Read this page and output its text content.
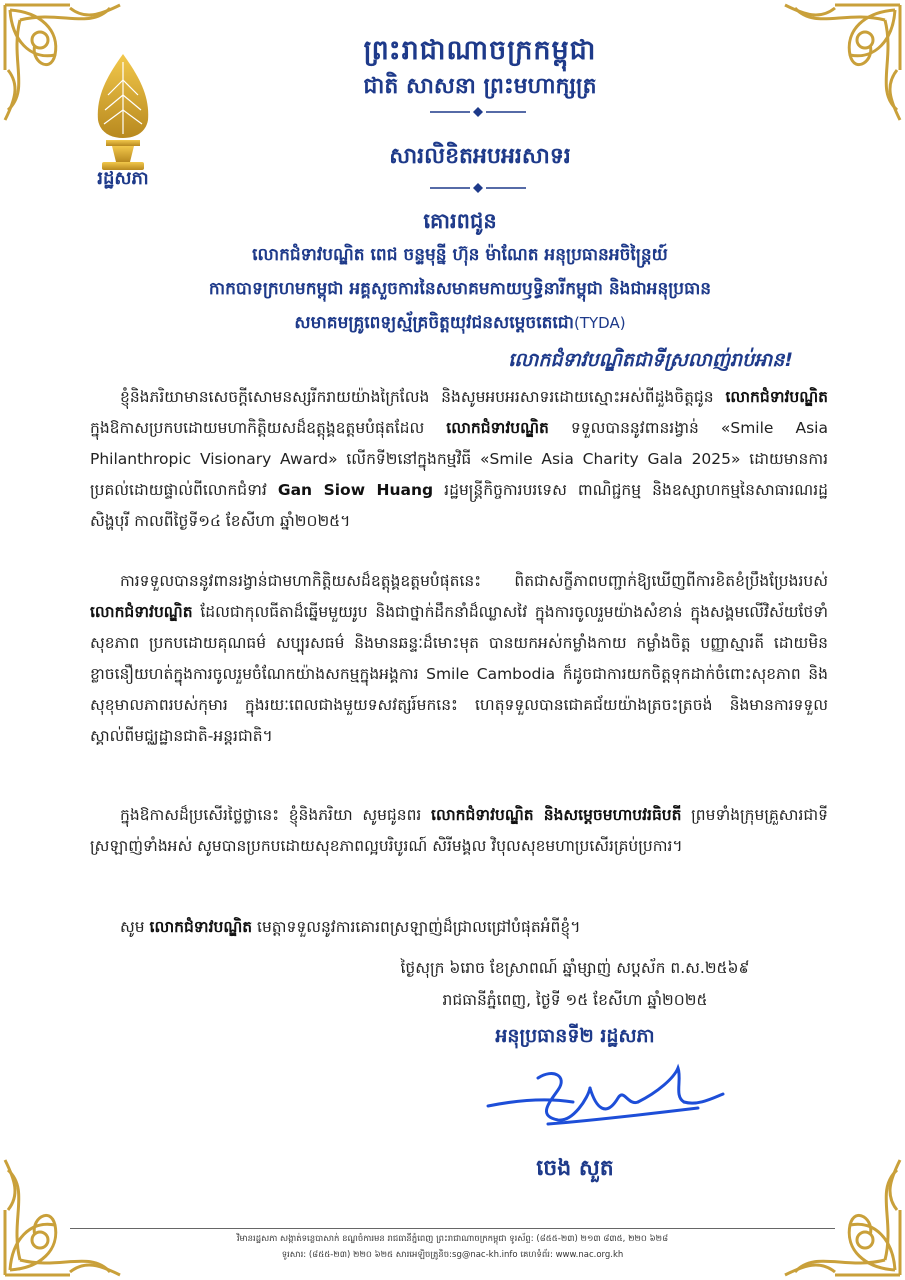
រដ្ឋសភា
ព្រះរាជាណាចក្រកម្ពុជា
ជាតិ សាសនា ព្រះមហាក្សត្រ
សារលិខិតអបអរសាទរ
គោរពជូន
លោកជំទាវបណ្ឌិត ពេជ ចន្ទមុន្នី ហ៊ុន ម៉ាណែត អនុប្រធានអចិន្ត្រៃយ៍
កាកបាទក្រហមកម្ពុជា អគ្គសួចការនៃសមាគមកាយឫទ្ធិនារីកម្ពុជា និងជាអនុប្រធាន
សមាគមគ្រូពេទ្យស្ម័គ្រចិត្តយុវជនសម្តេចតេជោ(TYDA)
លោកជំទាវបណ្ឌិតជាទីស្រលាញ់រាប់អាន!
ខ្ញុំនិងភរិយាមានសេចក្តីសោមនស្សរីករាយយ៉ាងក្រៃលែង និងសូមអបអរសាទរដោយស្មោះអស់ពីដួងចិត្តជូន លោកជំទាវបណ្ឌិត ក្នុងឱកាសប្រកបដោយមហាកិត្តិយសដ៏ឧត្តុង្គឧត្តមបំផុតដែល លោកជំទាវបណ្ឌិត ទទួលបាននូវពានរង្វាន់ «Smile Asia Philanthropic Visionary Award» លើកទី២នៅក្នុងកម្មវិធី «Smile Asia Charity Gala 2025» ដោយមានការប្រគល់ដោយផ្ទាល់ពីលោកជំទាវ Gan Siow Huang រដ្ឋមន្ត្រីកិច្ចការបរទេស ពាណិជ្ជកម្ម និងឧស្សាហកម្មនៃសាធារណរដ្ឋសិង្ហបុរី កាលពីថ្ងៃទី១៤ ខែសីហា ឆ្នាំ២០២៥។
ការទទួលបាននូវពានរង្វាន់ជាមហាកិត្តិយសដ៏ឧត្តុង្គឧត្តមបំផុតនេះ ពិតជាសក្ខីភាពបញ្ជាក់ឱ្យឃើញពីការខិតខំប្រឹងប្រែងរបស់ លោកជំទាវបណ្ឌិត ដែលជាកុលធីតាដ៏ឆ្នើមមួយរូប និងជាថ្នាក់ដឹកនាំដ៏ឈ្លាសវៃ ក្នុងការចូលរួមយ៉ាងសំខាន់ ក្នុងសង្គមលើវិស័យថែទាំសុខភាព ប្រកបដោយគុណធម៌ សប្បុរសធម៌ និងមានឆន្ទៈដ៏មោះមុត បានយកអស់កម្លាំងកាយ កម្លាំងចិត្ត បញ្ញាស្មារតី ដោយមិនខ្លាចនឿយហត់ក្នុងការចូលរួមចំណែកយ៉ាងសកម្មក្នុងអង្គការ Smile Cambodia ក៏ដូចជាការយកចិត្តទុកដាក់ចំពោះសុខភាព និងសុខុមាលភាពរបស់កុមារ ក្នុងរយៈពេលជាងមួយទសវត្សរ៍មកនេះ ហេតុទទួលបានជោគជ័យយ៉ាងត្រចះត្រចង់ និងមានការទទួលស្គាល់ពីមជ្ឈដ្ឋានជាតិ-អន្តរជាតិ។
ក្នុងឱកាសដ៏ប្រសើរថ្លៃថ្លានេះ ខ្ញុំនិងភរិយា សូមជូនពរ លោកជំទាវបណ្ឌិត និងសម្តេចមហាបវរធិបតី ព្រមទាំងក្រុមគ្រួសារជាទីស្រឡាញ់ទាំងអស់ សូមបានប្រកបដោយសុខភាពល្អបរិបូរណ៍ សិរីមង្គល វិបុលសុខមហាប្រសើរគ្រប់ប្រការ។
សូម លោកជំទាវបណ្ឌិត មេត្តាទទួលនូវការគោរពស្រឡាញ់ដ៏ជ្រាលជ្រៅបំផុតអំពីខ្ញុំ។
ថ្ងៃសុក្រ ៦រោច ខែស្រាពណ៍ ឆ្នាំម្សាញ់ សប្តស័ក ព.ស.២៥៦៩
រាជធានីភ្នំពេញ, ថ្ងៃទី ១៥ ខែសីហា ឆ្នាំ២០២៥
អនុប្រធានទី២ រដ្ឋសភា
ចេង សួត
វិមានរដ្ឋសភា សង្កាត់ទន្លេបាសាក់ ខណ្ឌចំការមន រាជធានីភ្នំពេញ ព្រះរាជាណាចក្រកម្ពុជា ទូរស័ព្ទ: (៨៥៥-២៣) ២១៣ ៨៣៥, ២២០ ៦២៨
ទូរសារ: (៨៥៥-២៣) ២២០ ៦២៥ សារអេឡិចត្រូនិច:sg@nac-kh.info គេហទំព័រ: www.nac.org.kh
